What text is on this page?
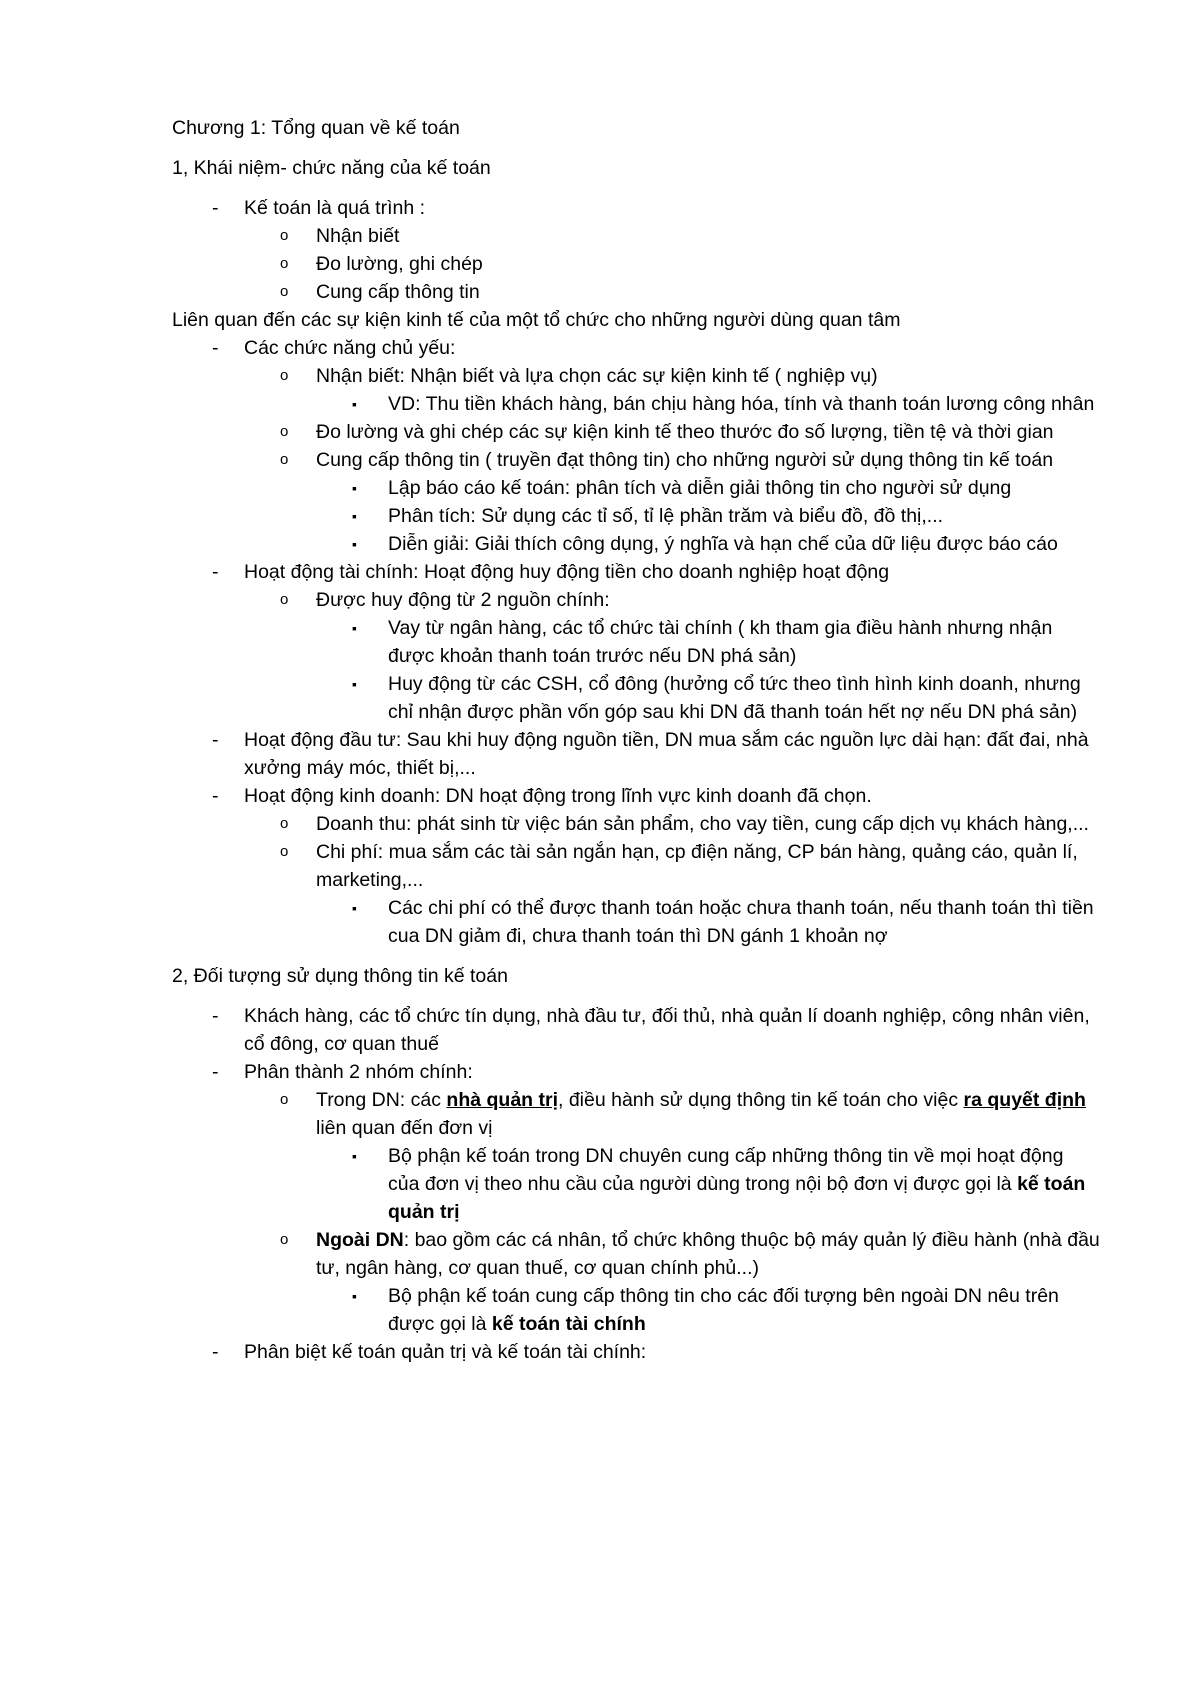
Chương 1: Tổng quan về kế toán

1, Khái niệm- chức năng của kế toán

- Kế toán là quá trình :
o Nhận biết
o Đo lường, ghi chép
o Cung cấp thông tin

Liên quan đến các sự kiện kinh tế của một tổ chức cho những người dùng quan tâm

- Các chức năng chủ yếu:
o Nhận biết: Nhận biết và lựa chọn các sự kiện kinh tế ( nghiệp vụ)
▪ VD: Thu tiền khách hàng, bán chịu hàng hóa, tính và thanh toán lương công nhân
o Đo lường và ghi chép các sự kiện kinh tế theo thước đo số lượng, tiền tệ và thời gian
o Cung cấp thông tin ( truyền đạt thông tin) cho những người sử dụng thông tin kế toán
▪ Lập báo cáo kế toán: phân tích và diễn giải thông tin cho người sử dụng
▪ Phân tích: Sử dụng các tỉ số, tỉ lệ phần trăm và biểu đồ, đồ thị,...
▪ Diễn giải: Giải thích công dụng, ý nghĩa và hạn chế của dữ liệu được báo cáo
- Hoạt động tài chính: Hoạt động huy động tiền cho doanh nghiệp hoạt động
o Được huy động từ 2 nguồn chính:
▪ Vay từ ngân hàng, các tổ chức tài chính ( kh tham gia điều hành nhưng nhận được khoản thanh toán trước nếu DN phá sản)
▪ Huy động từ các CSH, cổ đông (hưởng cổ tức theo tình hình kinh doanh, nhưng chỉ nhận được phần vốn góp sau khi DN đã thanh toán hết nợ nếu DN phá sản)
- Hoạt động đầu tư: Sau khi huy động nguồn tiền, DN mua sắm các nguồn lực dài hạn: đất đai, nhà xưởng máy móc, thiết bị,...
- Hoạt động kinh doanh: DN hoạt động trong lĩnh vực kinh doanh đã chọn.
o Doanh thu: phát sinh từ việc bán sản phẩm, cho vay tiền, cung cấp dịch vụ khách hàng,...
o Chi phí: mua sắm các tài sản ngắn hạn, cp điện năng, CP bán hàng, quảng cáo, quản lí, marketing,...
▪ Các chi phí có thể được thanh toán hoặc chưa thanh toán, nếu thanh toán thì tiền cua DN giảm đi, chưa thanh toán thì DN gánh 1 khoản nợ

2, Đối tượng sử dụng thông tin kế toán

- Khách hàng, các tổ chức tín dụng, nhà đầu tư, đối thủ, nhà quản lí doanh nghiệp, công nhân viên, cổ đông, cơ quan thuế
- Phân thành 2 nhóm chính:
o Trong DN: các nhà quản trị, điều hành sử dụng thông tin kế toán cho việc ra quyết định liên quan đến đơn vị
▪ Bộ phận kế toán trong DN chuyên cung cấp những thông tin về mọi hoạt động của đơn vị theo nhu cầu của người dùng trong nội bộ đơn vị được gọi là kế toán quản trị
o Ngoài DN: bao gồm các cá nhân, tổ chức không thuộc bộ máy quản lý điều hành (nhà đầu tư, ngân hàng, cơ quan thuế, cơ quan chính phủ...)
▪ Bộ phận kế toán cung cấp thông tin cho các đối tượng bên ngoài DN nêu trên được gọi là kế toán tài chính
- Phân biệt kế toán quản trị và kế toán tài chính:
